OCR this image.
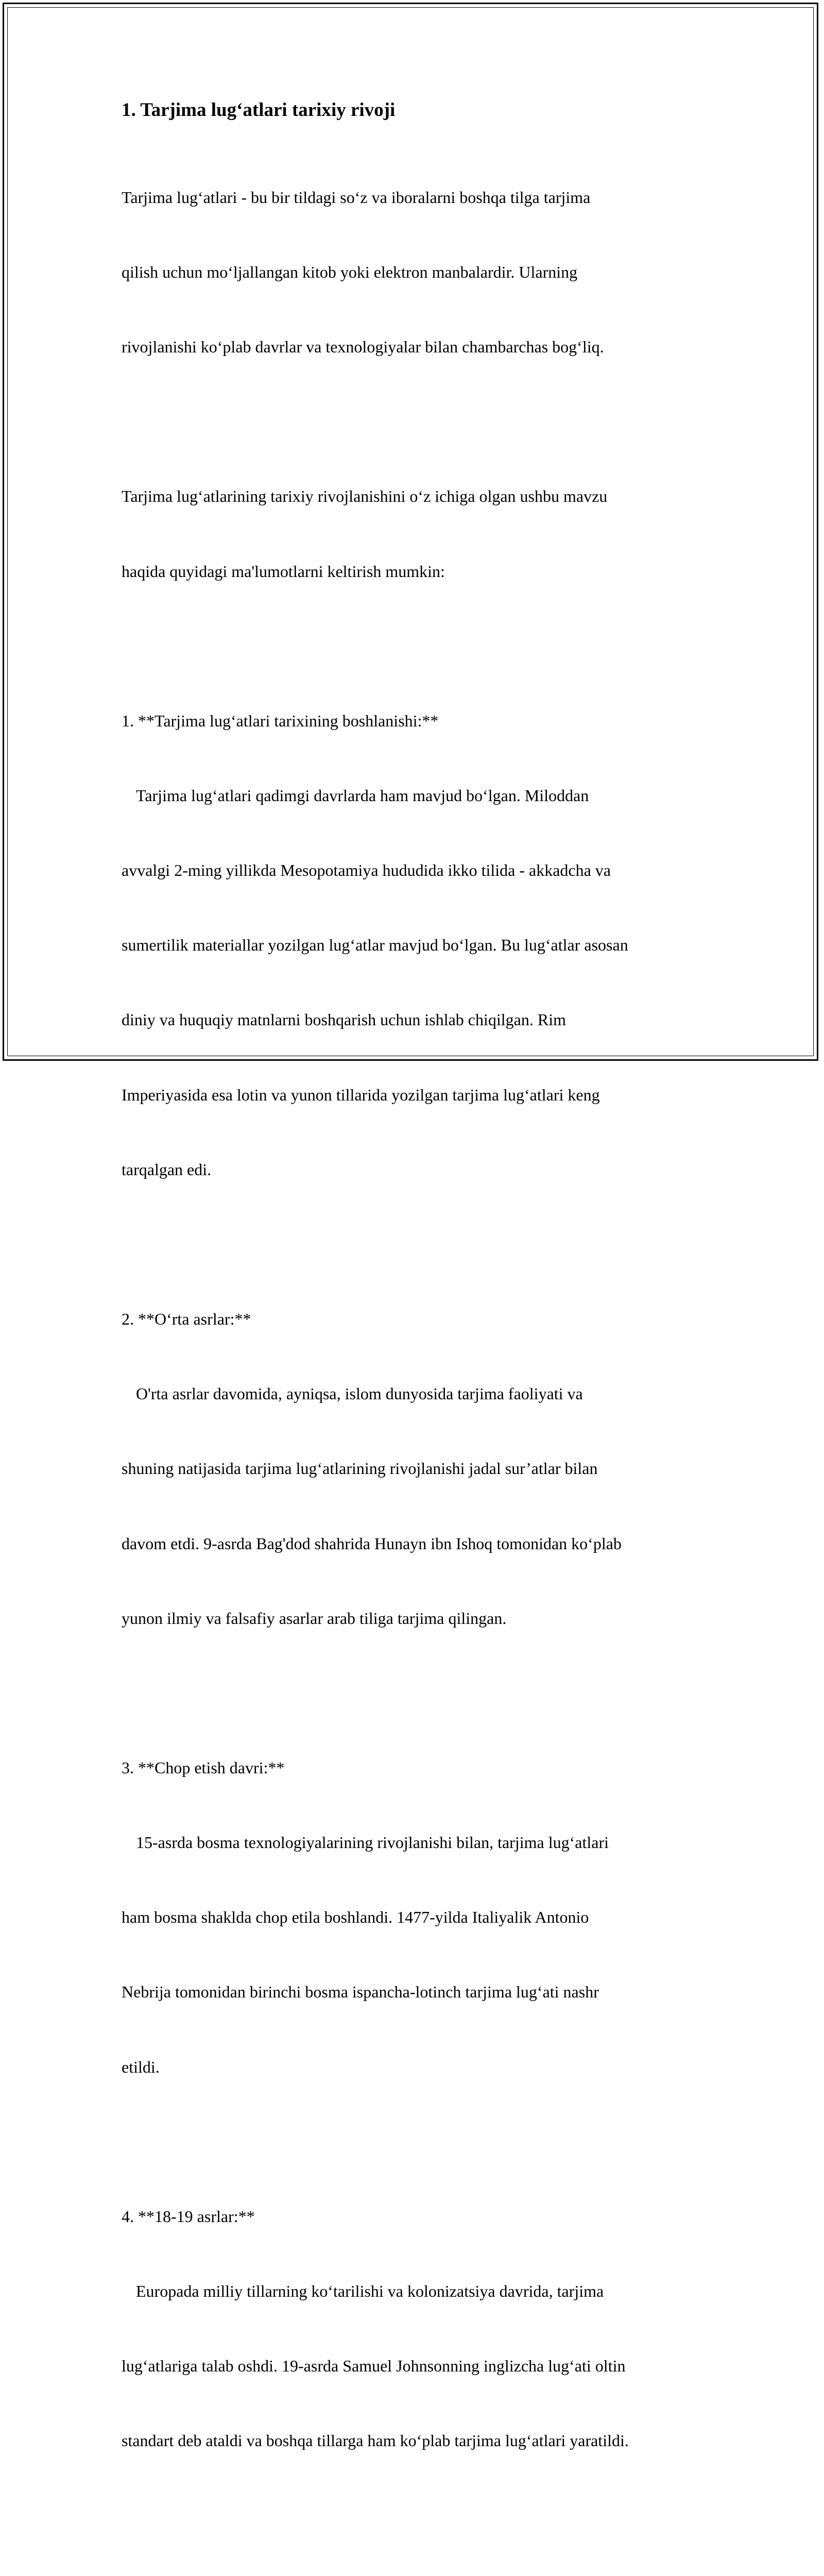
1. Tarjima lug‘atlari tarixiy rivoji

Tarjima lug‘atlari - bu bir tildagi so‘z va iboralarni boshqa tilga tarjima

qilish uchun mo‘ljallangan kitob yoki elektron manbalardir. Ularning

rivojlanishi ko‘plab davrlar va texnologiyalar bilan chambarchas bog‘liq.

Tarjima lug‘atlarining tarixiy rivojlanishini o‘z ichiga olgan ushbu mavzu

haqida quyidagi ma'lumotlarni keltirish mumkin:

1. **Tarjima lug‘atlari tarixining boshlanishi:**

Tarjima lug‘atlari qadimgi davrlarda ham mavjud bo‘lgan. Miloddan

avvalgi 2-ming yillikda Mesopotamiya hududida ikko tilida - akkadcha va

sumertilik materiallar yozilgan lug‘atlar mavjud bo‘lgan. Bu lug‘atlar asosan

diniy va huquqiy matnlarni boshqarish uchun ishlab chiqilgan. Rim

Imperiyasida esa lotin va yunon tillarida yozilgan tarjima lug‘atlari keng

tarqalgan edi.

2. **O‘rta asrlar:**

O'rta asrlar davomida, ayniqsa, islom dunyosida tarjima faoliyati va

shuning natijasida tarjima lug‘atlarining rivojlanishi jadal sur’atlar bilan

davom etdi. 9-asrda Bag'dod shahrida Hunayn ibn Ishoq tomonidan ko‘plab

yunon ilmiy va falsafiy asarlar arab tiliga tarjima qilingan.

3. **Chop etish davri:**

15-asrda bosma texnologiyalarining rivojlanishi bilan, tarjima lug‘atlari

ham bosma shaklda chop etila boshlandi. 1477-yilda Italiyalik Antonio

Nebrija tomonidan birinchi bosma ispancha-lotinch tarjima lug‘ati nashr

etildi.

4. **18-19 asrlar:**

Europada milliy tillarning ko‘tarilishi va kolonizatsiya davrida, tarjima

lug‘atlariga talab oshdi. 19-asrda Samuel Johnsonning inglizcha lug‘ati oltin

standart deb ataldi va boshqa tillarga ham ko‘plab tarjima lug‘atlari yaratildi.
